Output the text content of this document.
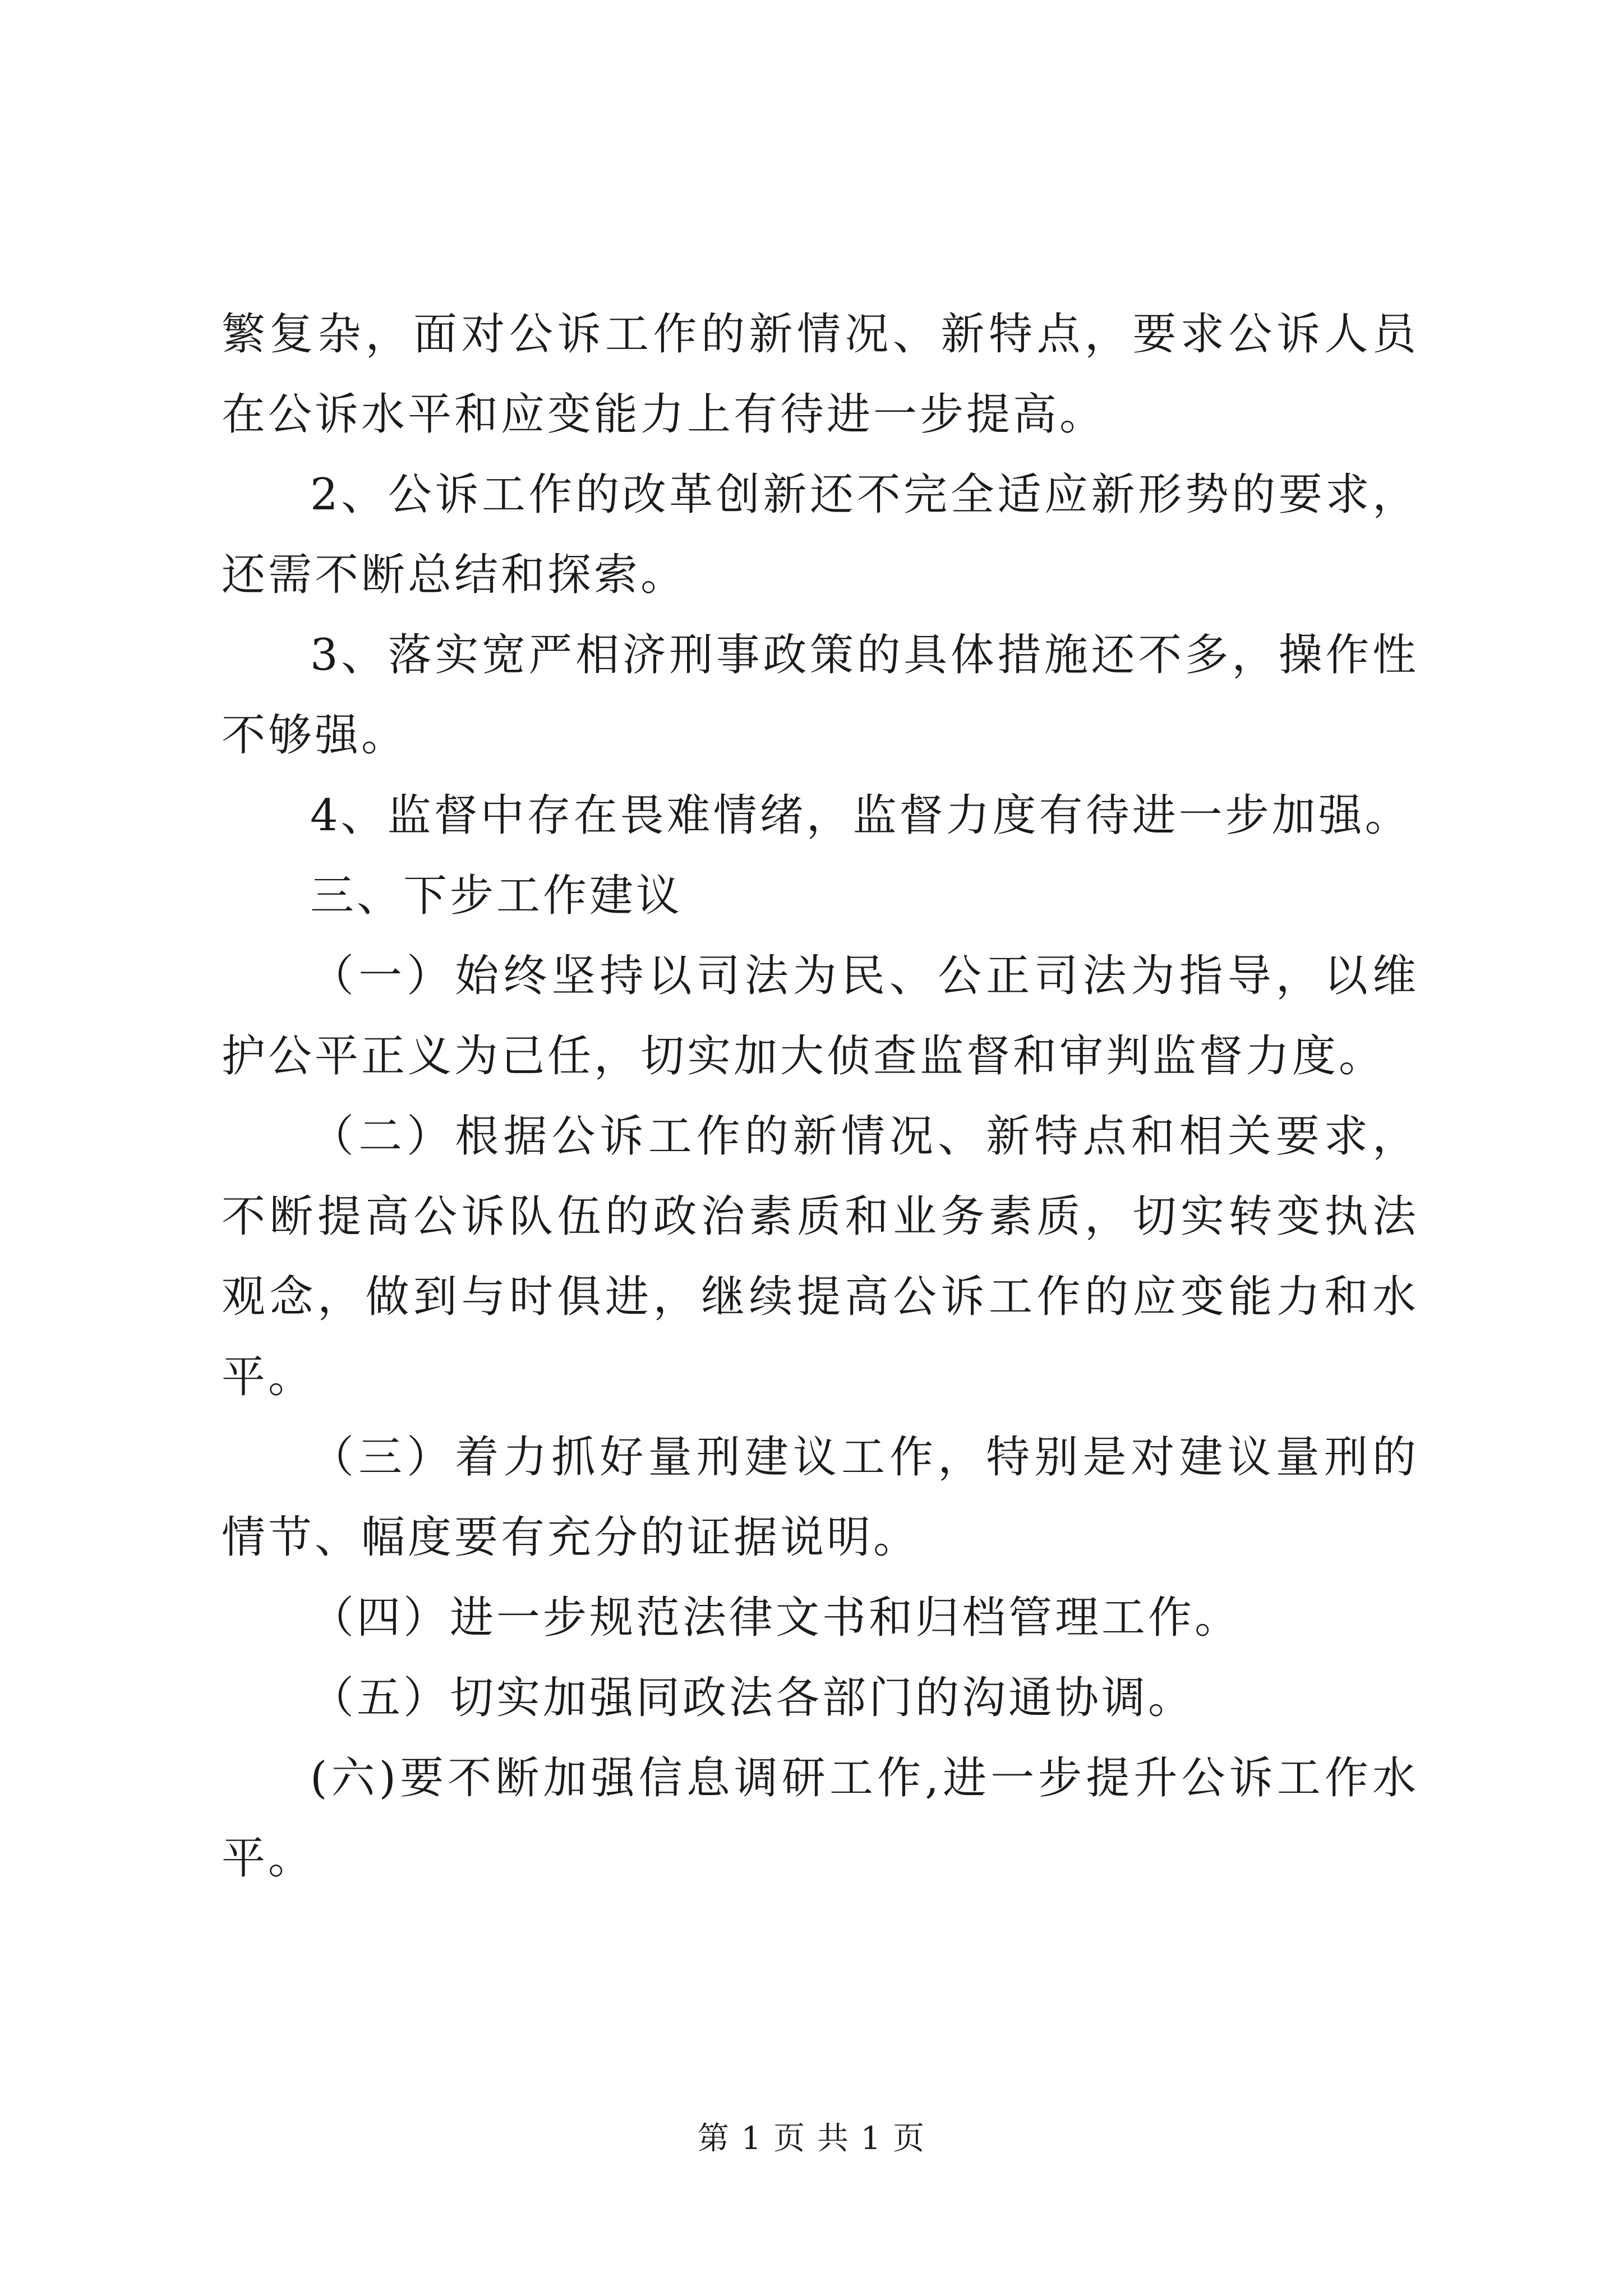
繁复杂，面对公诉工作的新情况、新特点，要求公诉人员在公诉水平和应变能力上有待进一步提高。

2、公诉工作的改革创新还不完全适应新形势的要求，还需不断总结和探索。

3、落实宽严相济刑事政策的具体措施还不多，操作性不够强。

4、监督中存在畏难情绪，监督力度有待进一步加强。

三、下步工作建议

（一）始终坚持以司法为民、公正司法为指导，以维护公平正义为己任，切实加大侦查监督和审判监督力度。

（二）根据公诉工作的新情况、新特点和相关要求，不断提高公诉队伍的政治素质和业务素质，切实转变执法观念，做到与时俱进，继续提高公诉工作的应变能力和水平。

（三）着力抓好量刑建议工作，特别是对建议量刑的情节、幅度要有充分的证据说明。

（四）进一步规范法律文书和归档管理工作。

（五）切实加强同政法各部门的沟通协调。

(六)要不断加强信息调研工作,进一步提升公诉工作水平。

第 1 页 共 1 页
